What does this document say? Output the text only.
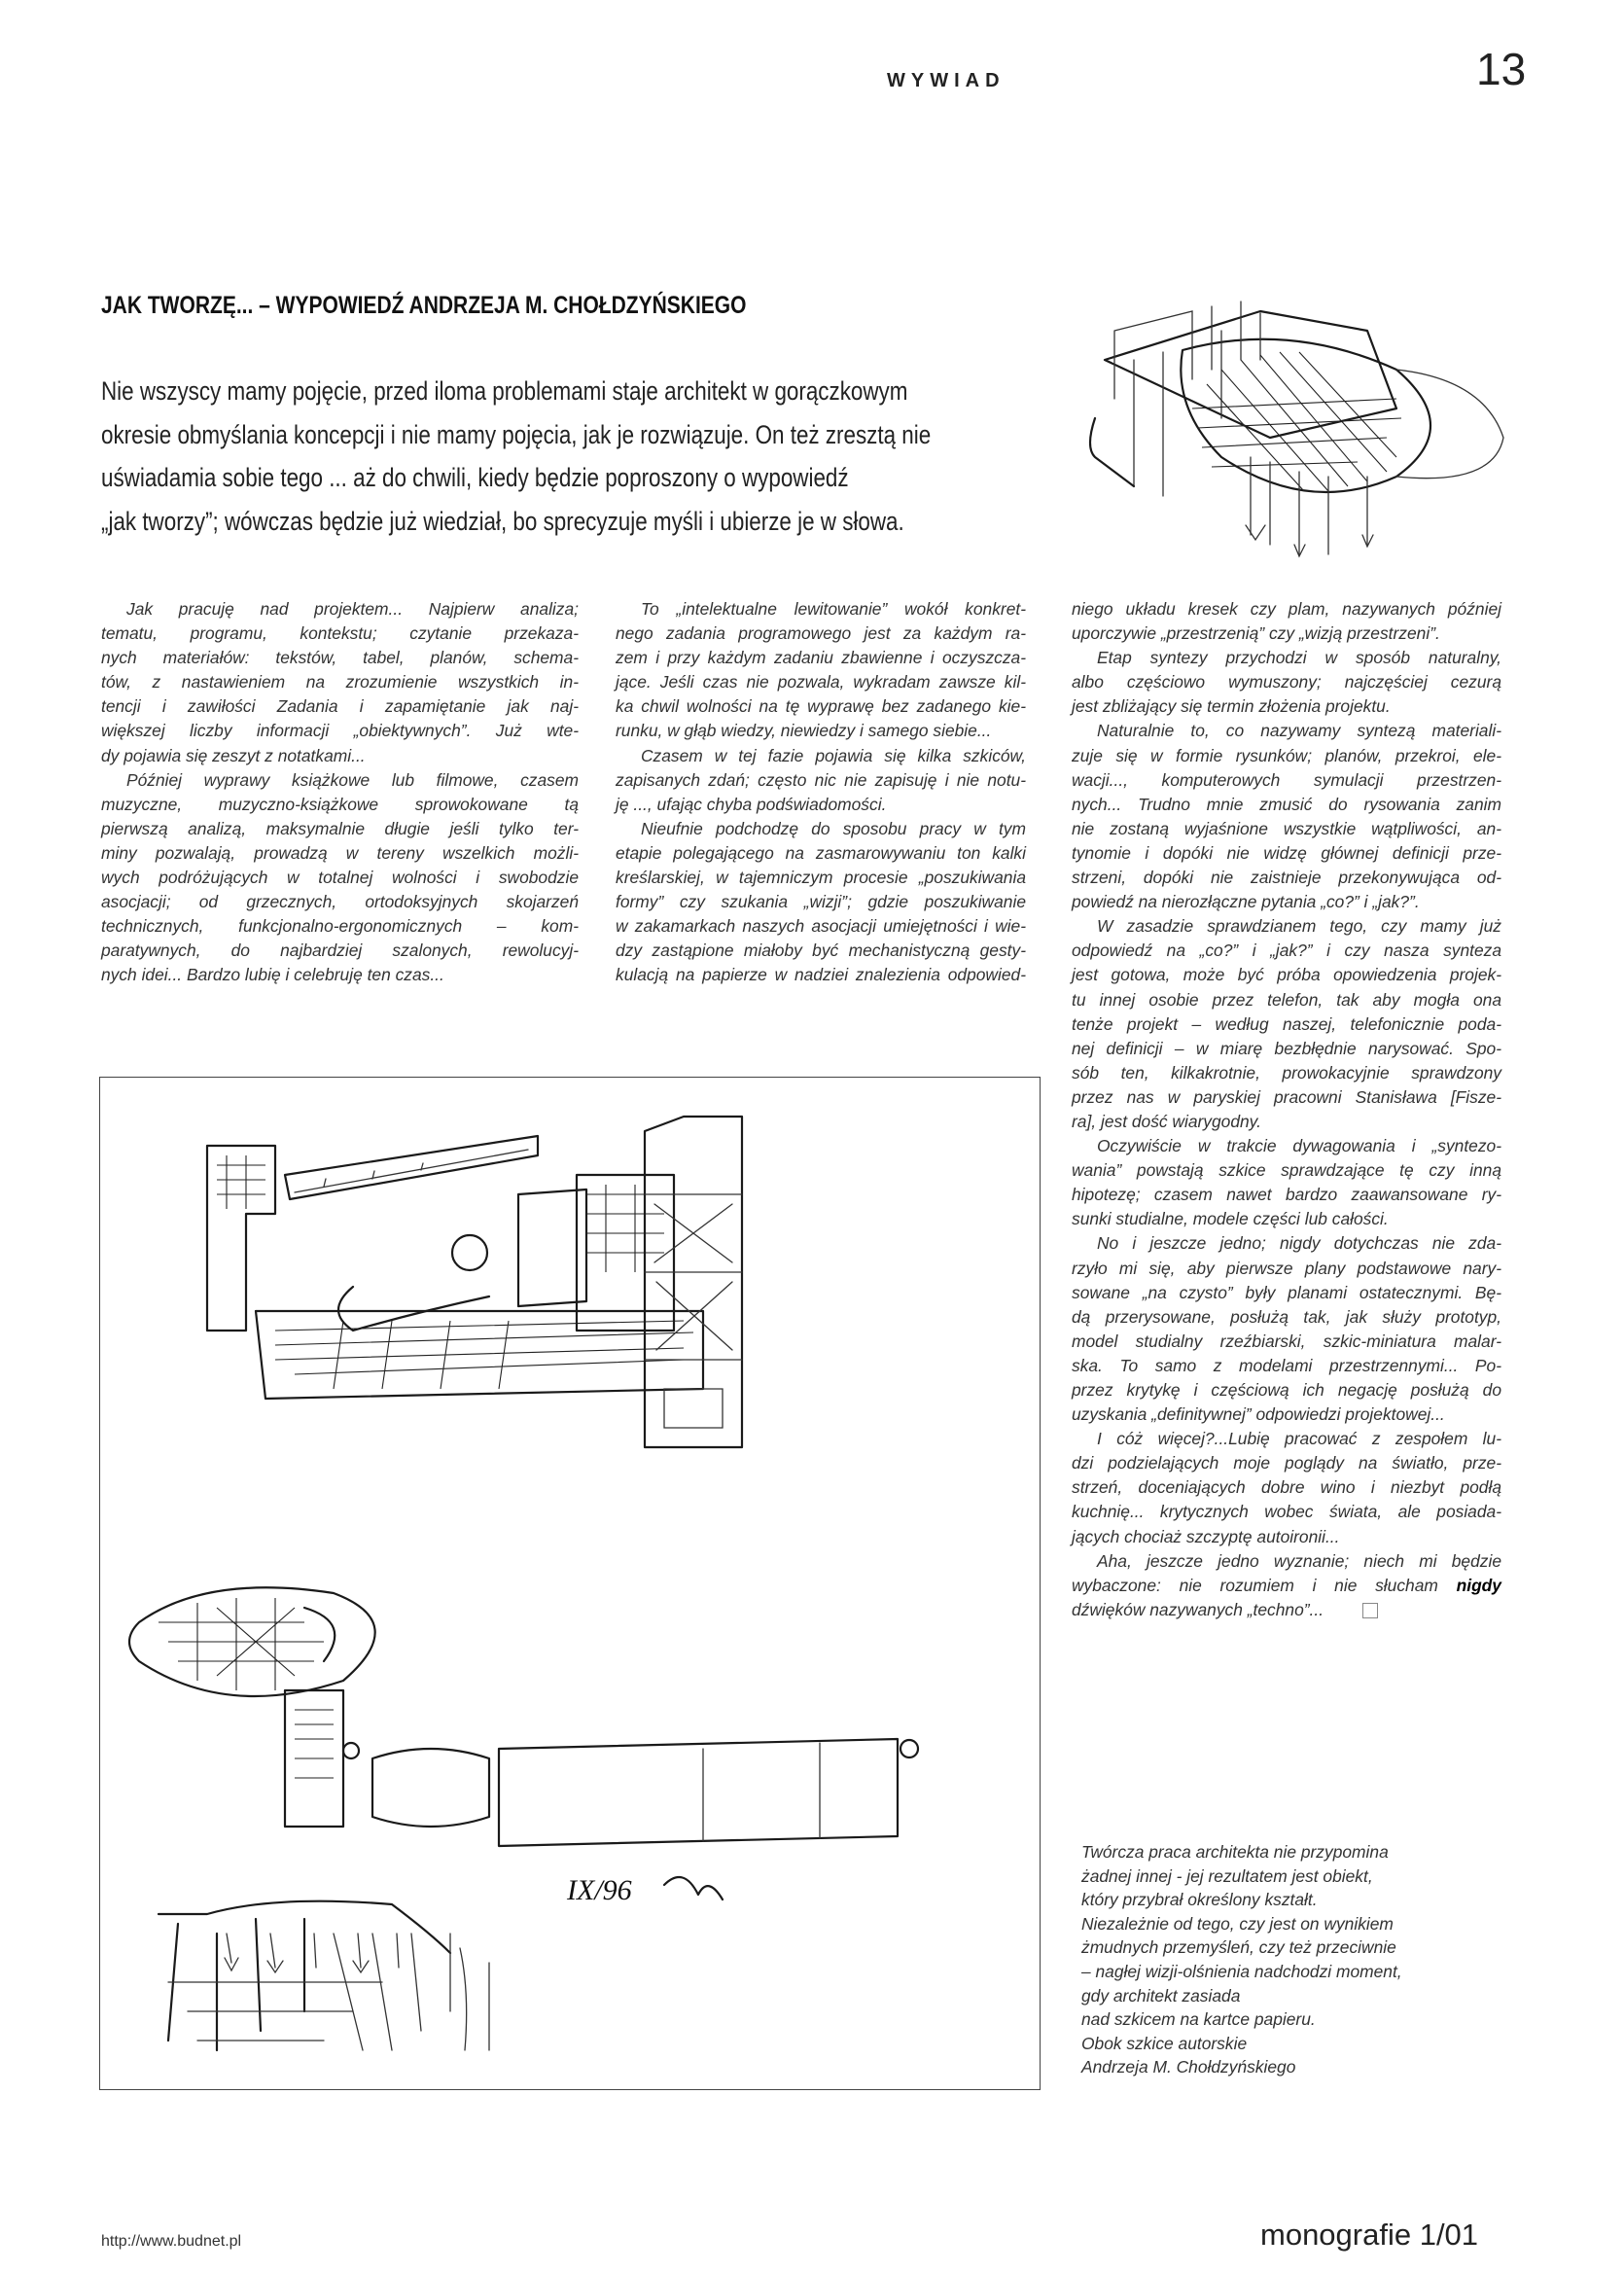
WYWIAD	13
JAK TWORZĘ... – WYPOWIEDŹ ANDRZEJA M. CHOŁDZYŃSKIEGO
Nie wszyscy mamy pojęcie, przed iloma problemami staje architekt w gorączkowym
okresie obmyślania koncepcji i nie mamy pojęcia, jak je rozwiązuje. On też zresztą nie
uświadamia sobie tego ... aż do chwili, kiedy będzie poproszony o wypowiedź
„jak tworzy”; wówczas będzie już wiedział, bo sprecyzuje myśli i ubierze je w słowa.
Jak pracuję nad projektem... Najpierw analiza;
tematu, programu, kontekstu; czytanie przekaza-
nych materiałów: tekstów, tabel, planów, schema-
tów, z nastawieniem na zrozumienie wszystkich in-
tencji i zawiłości Zadania i zapamiętanie jak naj-
większej liczby informacji „obiektywnych”. Już wte-
dy pojawia się zeszyt z notatkami...
Później wyprawy książkowe lub filmowe, czasem
muzyczne, muzyczno-książkowe sprowokowane tą
pierwszą analizą, maksymalnie długie jeśli tylko ter-
miny pozwalają, prowadzą w tereny wszelkich możli-
wych podróżujących w totalnej wolności i swobodzie
asocjacji; od grzecznych, ortodoksyjnych skojarzeń
technicznych, funkcjonalno-ergonomicznych – kom-
paratywnych, do najbardziej szalonych, rewolucyj-
nych idei... Bardzo lubię i celebruję ten czas...
To „intelektualne lewitowanie” wokół konkret-
nego zadania programowego jest za każdym ra-
zem i przy każdym zadaniu zbawienne i oczyszcza-
jące. Jeśli czas nie pozwala, wykradam zawsze kil-
ka chwil wolności na tę wyprawę bez zadanego kie-
runku, w głąb wiedzy, niewiedzy i samego siebie...
Czasem w tej fazie pojawia się kilka szkiców,
zapisanych zdań; często nic nie zapisuję i nie notu-
ję ..., ufając chyba podświadomości.
Nieufnie podchodzę do sposobu pracy w tym
etapie polegającego na zasmarowywaniu ton kalki
kreślarskiej, w tajemniczym procesie „poszukiwania
formy” czy szukania „wizji”; gdzie poszukiwanie
w zakamarkach naszych asocjacji umiejętności i wie-
dzy zastąpione miałoby być mechanistyczną gesty-
kulacją na papierze w nadziei znalezienia odpowied-
niego układu kresek czy plam, nazywanych później
uporczywie „przestrzenią” czy „wizją przestrzeni”.
Etap syntezy przychodzi w sposób naturalny,
albo częściowo wymuszony; najczęściej cezurą
jest zbliżający się termin złożenia projektu.
Naturalnie to, co nazywamy syntezą materiali-
zuje się w formie rysunków; planów, przekroi, ele-
wacji..., komputerowych symulacji przestrzen-
nych... Trudno mnie zmusić do rysowania zanim
nie zostaną wyjaśnione wszystkie wątpliwości, an-
tynomie i dopóki nie widzę głównej definicji prze-
strzeni, dopóki nie zaistnieje przekonywująca od-
powiedź na nierozłączne pytania „co?” i „jak?”.
W zasadzie sprawdzianem tego, czy mamy już
odpowiedź na „co?” i „jak?” i czy nasza synteza
jest gotowa, może być próba opowiedzenia projek-
tu innej osobie przez telefon, tak aby mogła ona
tenże projekt – według naszej, telefonicznie poda-
nej definicji – w miarę bezbłędnie narysować. Spo-
sób ten, kilkakrotnie, prowokacyjnie sprawdzony
przez nas w paryskiej pracowni Stanisława [Fisze-
ra], jest dość wiarygodny.
Oczywiście w trakcie dywagowania i „syntezo-
wania” powstają szkice sprawdzające tę czy inną
hipotezę; czasem nawet bardzo zaawansowane ry-
sunki studialne, modele części lub całości.
No i jeszcze jedno; nigdy dotychczas nie zda-
rzyło mi się, aby pierwsze plany podstawowe nary-
sowane „na czysto” były planami ostatecznymi. Bę-
dą przerysowane, posłużą tak, jak służy prototyp,
model studialny rzeźbiarski, szkic-miniatura malar-
ska. To samo z modelami przestrzennymi... Po-
przez krytykę i częściową ich negację posłużą do
uzyskania „definitywnej” odpowiedzi projektowej...
I cóż więcej?...Lubię pracować z zespołem lu-
dzi podzielających moje poglądy na światło, prze-
strzeń, doceniających dobre wino i niezbyt podłą
kuchnię... krytycznych wobec świata, ale posiada-
jących chociaż szczyptę autoironii...
Aha, jeszcze jedno wyznanie; niech mi będzie
wybaczone: nie rozumiem i nie słucham nigdy
dźwięków nazywanych „techno”...
IX/96
Twórcza praca architekta nie przypomina
żadnej innej - jej rezultatem jest obiekt,
który przybrał określony kształt.
Niezależnie od tego, czy jest on wynikiem
żmudnych przemyśleń, czy też przeciwnie
– nagłej wizji-olśnienia nadchodzi moment,
gdy architekt zasiada
nad szkicem na kartce papieru.
Obok szkice autorskie
Andrzeja M. Chołdzyńskiego
http://www.budnet.pl	monografie 1/01
